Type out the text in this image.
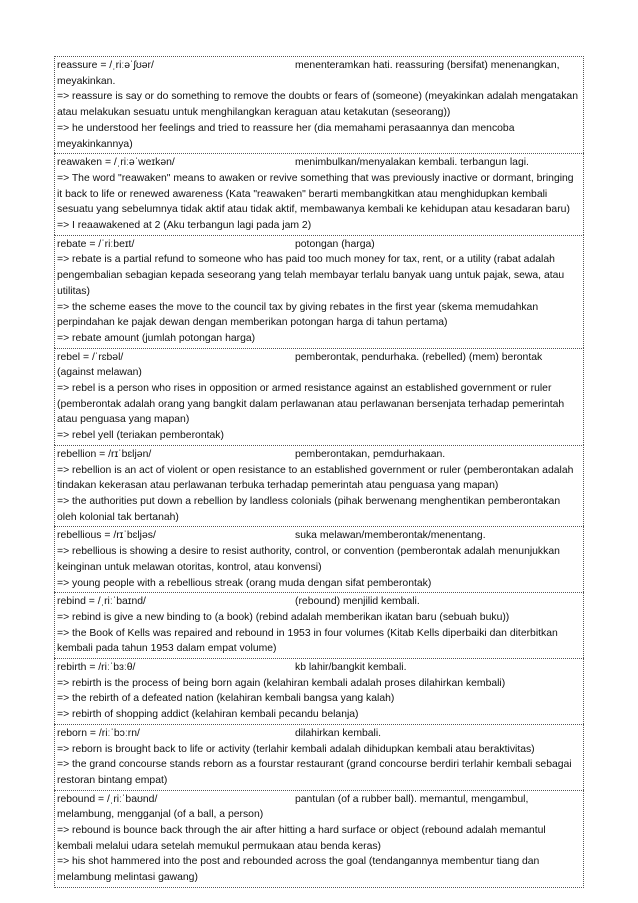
reassure = /ˌriːəˈʃʊər/	menenteramkan hati. reassuring (bersifat) menenangkan, meyakinkan.
=> reassure is say or do something to remove the doubts or fears of (someone) (meyakinkan adalah mengatakan atau melakukan sesuatu untuk menghilangkan keraguan atau ketakutan (seseorang))
=> he understood her feelings and tried to reassure her (dia memahami perasaannya dan mencoba meyakinkannya)
reawaken = /ˌriːəˈweɪkən/	menimbulkan/menyalakan kembali. terbangun lagi.
=> The word "reawaken" means to awaken or revive something that was previously inactive or dormant, bringing it back to life or renewed awareness (Kata "reawaken" berarti membangkitkan atau menghidupkan kembali sesuatu yang sebelumnya tidak aktif atau tidak aktif, membawanya kembali ke kehidupan atau kesadaran baru)
=> I reaawakened at 2 (Aku terbangun lagi pada jam 2)
rebate = /ˈriːbeɪt/	potongan (harga)
=> rebate is a partial refund to someone who has paid too much money for tax, rent, or a utility (rabat adalah pengembalian sebagian kepada seseorang yang telah membayar terlalu banyak uang untuk pajak, sewa, atau utilitas)
=> the scheme eases the move to the council tax by giving rebates in the first year (skema memudahkan perpindahan ke pajak dewan dengan memberikan potongan harga di tahun pertama)
=> rebate amount (jumlah potongan harga)
rebel = /ˈrɛbəl/	pemberontak, pendurhaka. (rebelled) (mem) berontak (against melawan)
=> rebel is a person who rises in opposition or armed resistance against an established government or ruler (pemberontak adalah orang yang bangkit dalam perlawanan atau perlawanan bersenjata terhadap pemerintah atau penguasa yang mapan)
=> rebel yell (teriakan pemberontak)
rebellion = /rɪˈbɛljən/	pemberontakan, pemdurhakaan.
=> rebellion is an act of violent or open resistance to an established government or ruler (pemberontakan adalah tindakan kekerasan atau perlawanan terbuka terhadap pemerintah atau penguasa yang mapan)
=> the authorities put down a rebellion by landless colonials (pihak berwenang menghentikan pemberontakan oleh kolonial tak bertanah)
rebellious = /rɪˈbɛljəs/	suka melawan/memberontak/menentang.
=> rebellious is showing a desire to resist authority, control, or convention (pemberontak adalah menunjukkan keinginan untuk melawan otoritas, kontrol, atau konvensi)
=> young people with a rebellious streak (orang muda dengan sifat pemberontak)
rebind = /ˌriːˈbaɪnd/	(rebound) menjilid kembali.
=> rebind is give a new binding to (a book) (rebind adalah memberikan ikatan baru (sebuah buku))
=> the Book of Kells was repaired and rebound in 1953 in four volumes (Kitab Kells diperbaiki dan diterbitkan kembali pada tahun 1953 dalam empat volume)
rebirth = /riːˈbɜːθ/	kb lahir/bangkit kembali.
=> rebirth is the process of being born again (kelahiran kembali adalah proses dilahirkan kembali)
=> the rebirth of a defeated nation (kelahiran kembali bangsa yang kalah)
=> rebirth of shopping addict (kelahiran kembali pecandu belanja)
reborn = /riːˈbɔːrn/	dilahirkan kembali.
=> reborn is brought back to life or activity (terlahir kembali adalah dihidupkan kembali atau beraktivitas)
=> the grand concourse stands reborn as a fourstar restaurant (grand concourse berdiri terlahir kembali sebagai restoran bintang empat)
rebound = /ˌriːˈbaʊnd/	pantulan (of a rubber ball). memantul, mengambul, melambung, mengganjal (of a ball, a person)
=> rebound is bounce back through the air after hitting a hard surface or object (rebound adalah memantul kembali melalui udara setelah memukul permukaan atau benda keras)
=> his shot hammered into the post and rebounded across the goal (tendangannya membentur tiang dan melambung melintasi gawang)
